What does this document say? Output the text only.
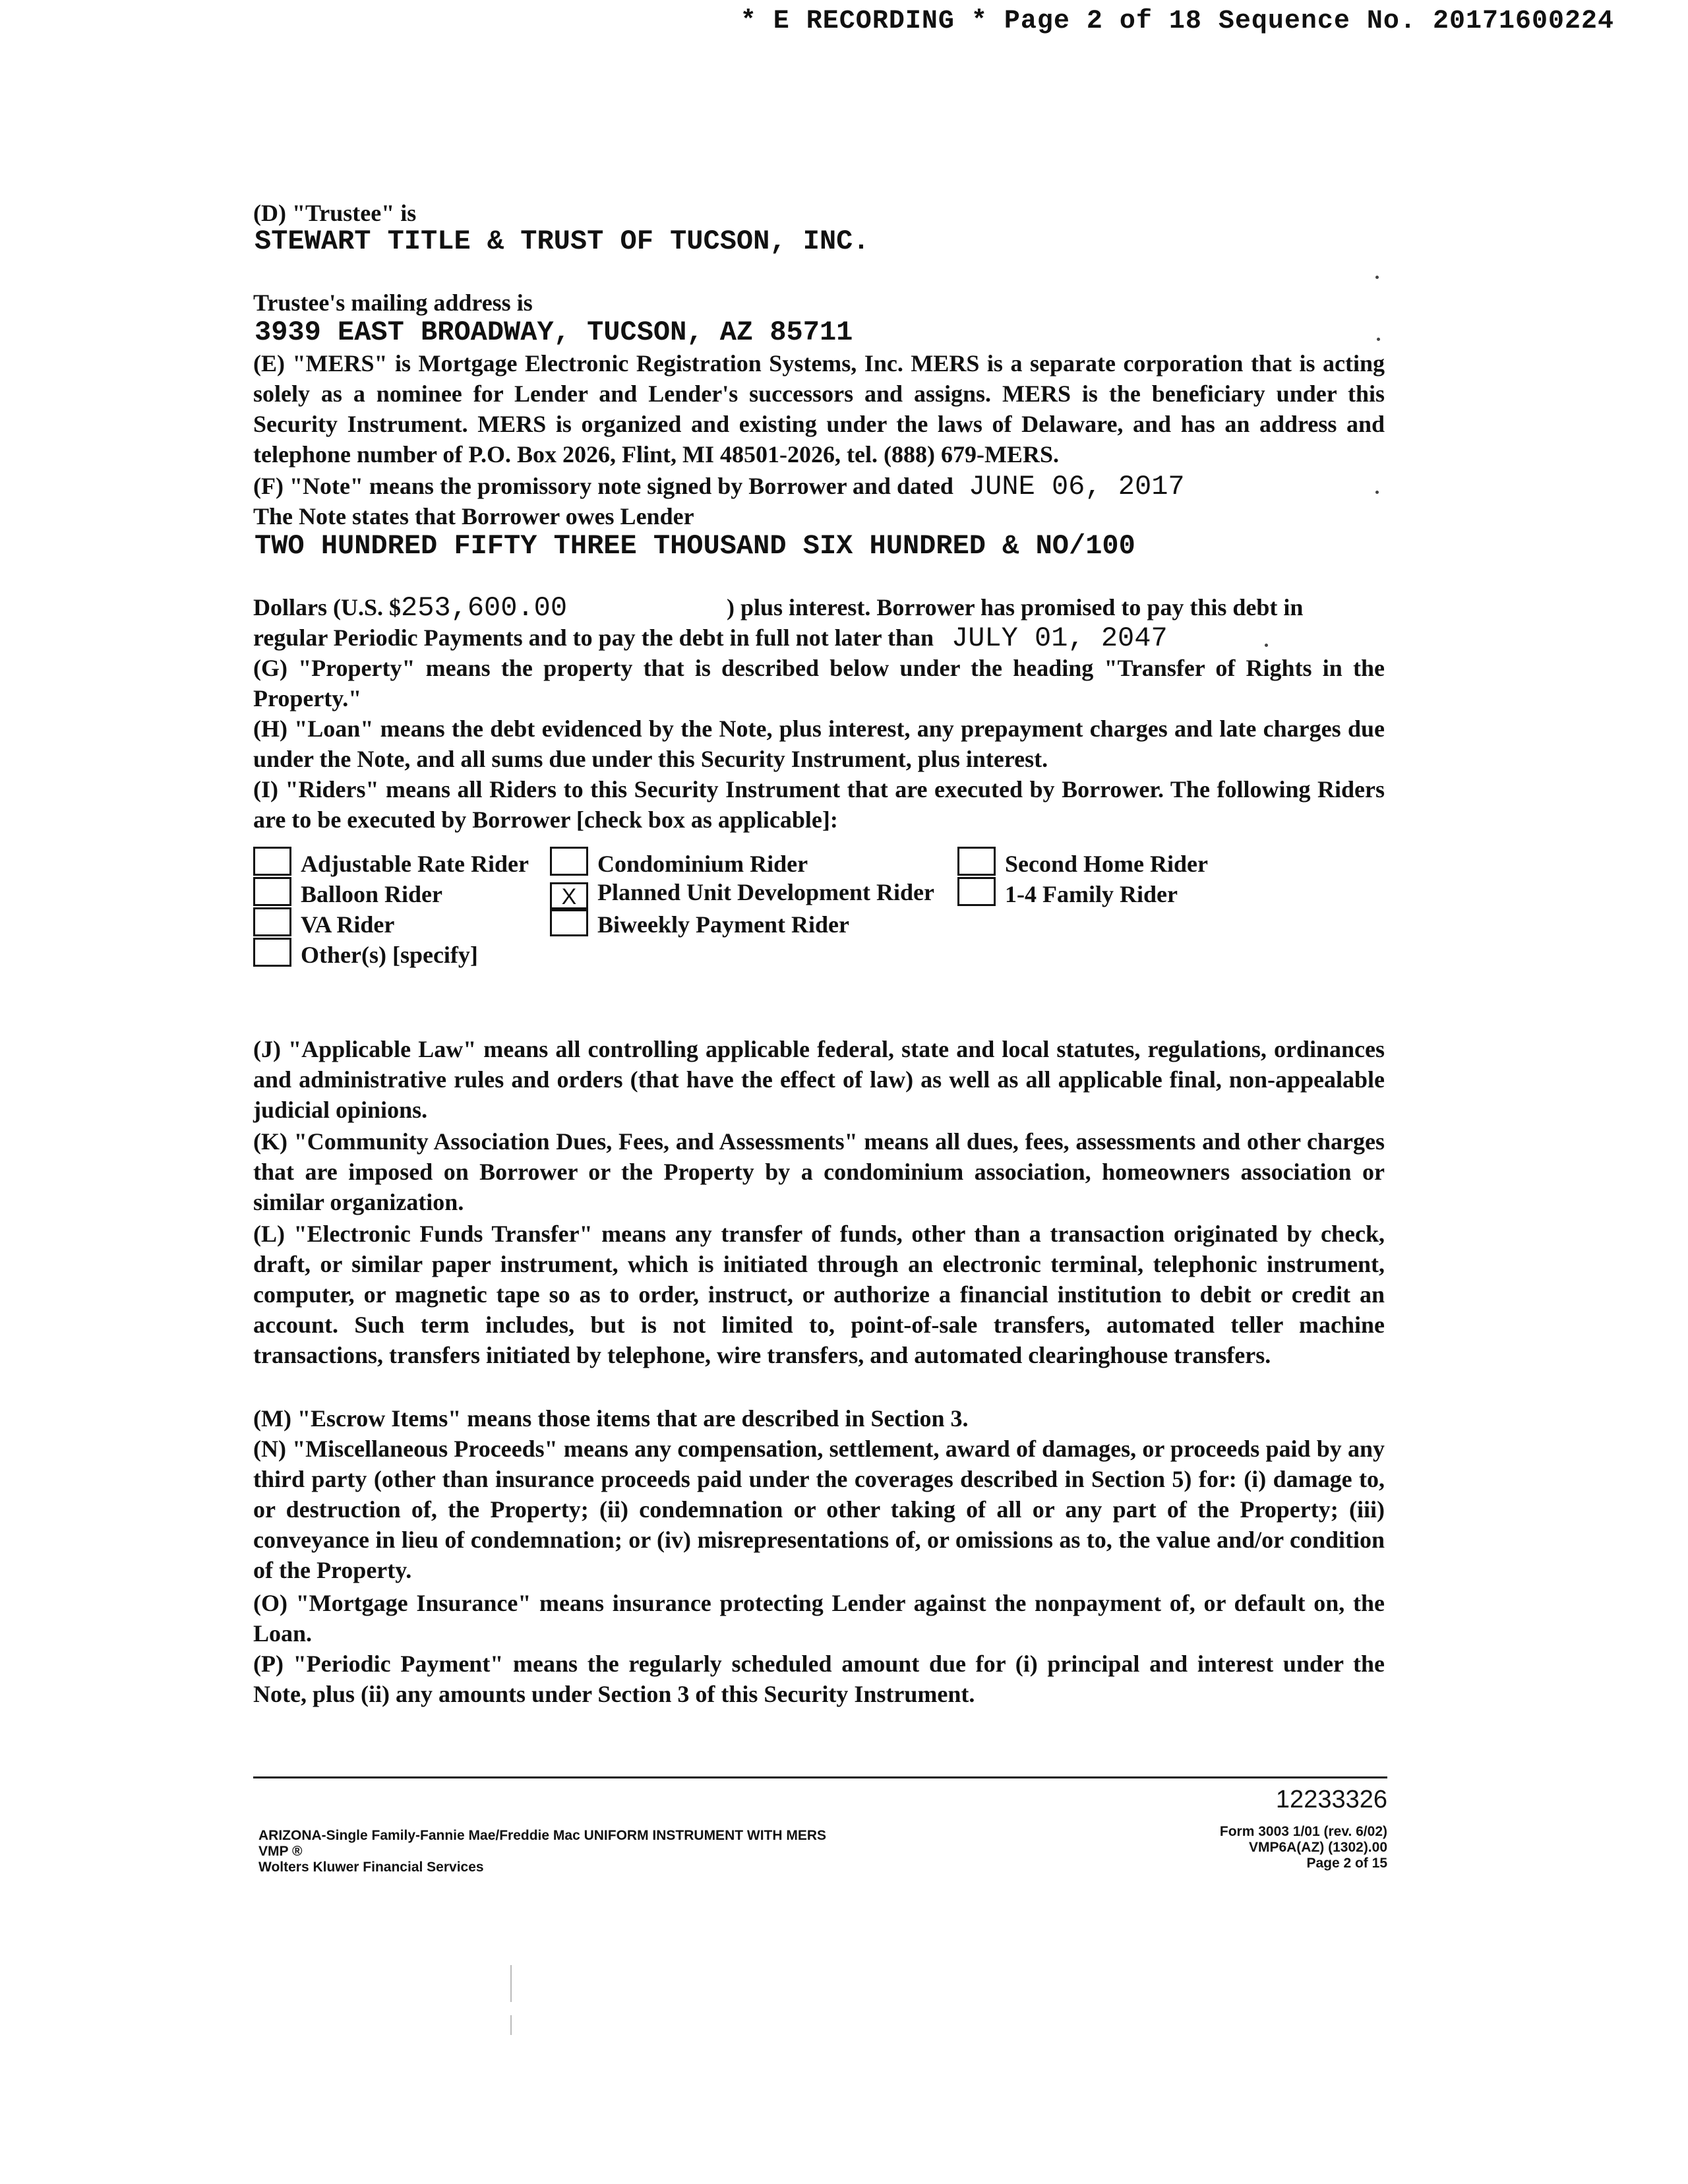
* E RECORDING * Page 2 of 18 Sequence No. 20171600224
(D) "Trustee" is
STEWART TITLE & TRUST OF TUCSON, INC.
Trustee's mailing address is
3939 EAST BROADWAY, TUCSON, AZ 85711

(E) "MERS" is Mortgage Electronic Registration Systems, Inc. MERS is a separate corporation that is acting solely as a nominee for Lender and Lender's successors and assigns. MERS is the beneficiary under this Security Instrument. MERS is organized and existing under the laws of Delaware, and has an address and telephone number of P.O. Box 2026, Flint, MI 48501-2026, tel. (888) 679-MERS.

(F) "Note" means the promissory note signed by Borrower and dated JUNE 06, 2017
The Note states that Borrower owes Lender
TWO HUNDRED FIFTY THREE THOUSAND SIX HUNDRED & NO/100
Dollars (U.S. $253,600.00	) plus interest. Borrower has promised to pay this debt in
regular Periodic Payments and to pay the debt in full not later than JULY 01, 2047

(G) "Property" means the property that is described below under the heading "Transfer of Rights in the Property."

(H) "Loan" means the debt evidenced by the Note, plus interest, any prepayment charges and late charges due under the Note, and all sums due under this Security Instrument, plus interest.

(I) "Riders" means all Riders to this Security Instrument that are executed by Borrower. The following Riders are to be executed by Borrower [check box as applicable]:

Adjustable Rate Rider
Balloon Rider
VA Rider
Other(s) [specify]
Condominium Rider
X Planned Unit Development Rider
Biweekly Payment Rider
Second Home Rider
1-4 Family Rider

(J) "Applicable Law" means all controlling applicable federal, state and local statutes, regulations, ordinances and administrative rules and orders (that have the effect of law) as well as all applicable final, non-appealable judicial opinions.

(K) "Community Association Dues, Fees, and Assessments" means all dues, fees, assessments and other charges that are imposed on Borrower or the Property by a condominium association, homeowners association or similar organization.

(L) "Electronic Funds Transfer" means any transfer of funds, other than a transaction originated by check, draft, or similar paper instrument, which is initiated through an electronic terminal, telephonic instrument, computer, or magnetic tape so as to order, instruct, or authorize a financial institution to debit or credit an account. Such term includes, but is not limited to, point-of-sale transfers, automated teller machine transactions, transfers initiated by telephone, wire transfers, and automated clearinghouse transfers.

(M) "Escrow Items" means those items that are described in Section 3.

(N) "Miscellaneous Proceeds" means any compensation, settlement, award of damages, or proceeds paid by any third party (other than insurance proceeds paid under the coverages described in Section 5) for: (i) damage to, or destruction of, the Property; (ii) condemnation or other taking of all or any part of the Property; (iii) conveyance in lieu of condemnation; or (iv) misrepresentations of, or omissions as to, the value and/or condition of the Property.

(O) "Mortgage Insurance" means insurance protecting Lender against the nonpayment of, or default on, the Loan.

(P) "Periodic Payment" means the regularly scheduled amount due for (i) principal and interest under the Note, plus (ii) any amounts under Section 3 of this Security Instrument.

12233326
ARIZONA-Single Family-Fannie Mae/Freddie Mac UNIFORM INSTRUMENT WITH MERS
VMP ®
Wolters Kluwer Financial Services
Form 3003 1/01 (rev. 6/02)
VMP6A(AZ) (1302).00
Page 2 of 15
